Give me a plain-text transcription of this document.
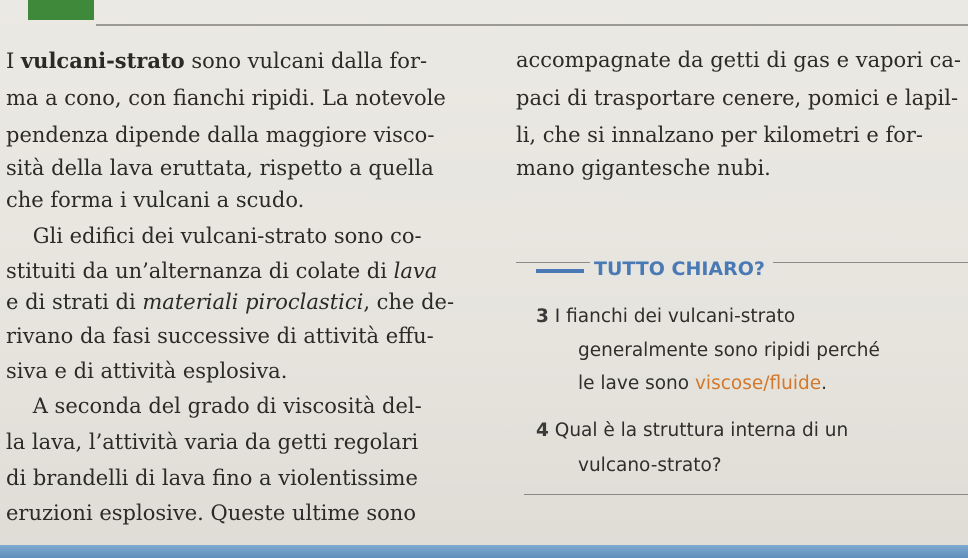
I vulcani-strato sono vulcani dalla for-
ma a cono, con fianchi ripidi. La notevole
pendenza dipende dalla maggiore visco-
sità della lava eruttata, rispetto a quella
che forma i vulcani a scudo.
Gli edifici dei vulcani-strato sono co-
stituiti da un’alternanza di colate di lava
e di strati di materiali piroclastici, che de-
rivano da fasi successive di attività effu-
siva e di attività esplosiva.
A seconda del grado di viscosità del-
la lava, l’attività varia da getti regolari
di brandelli di lava fino a violentissime
eruzioni esplosive. Queste ultime sono
accompagnate da getti di gas e vapori ca-
paci di trasportare cenere, pomici e lapil-
li, che si innalzano per kilometri e for-
mano gigantesche nubi.
TUTTO CHIARO?
3 I fianchi dei vulcani-strato
generalmente sono ripidi perché
le lave sono viscose/fluide.
4 Qual è la struttura interna di un
vulcano-strato?
